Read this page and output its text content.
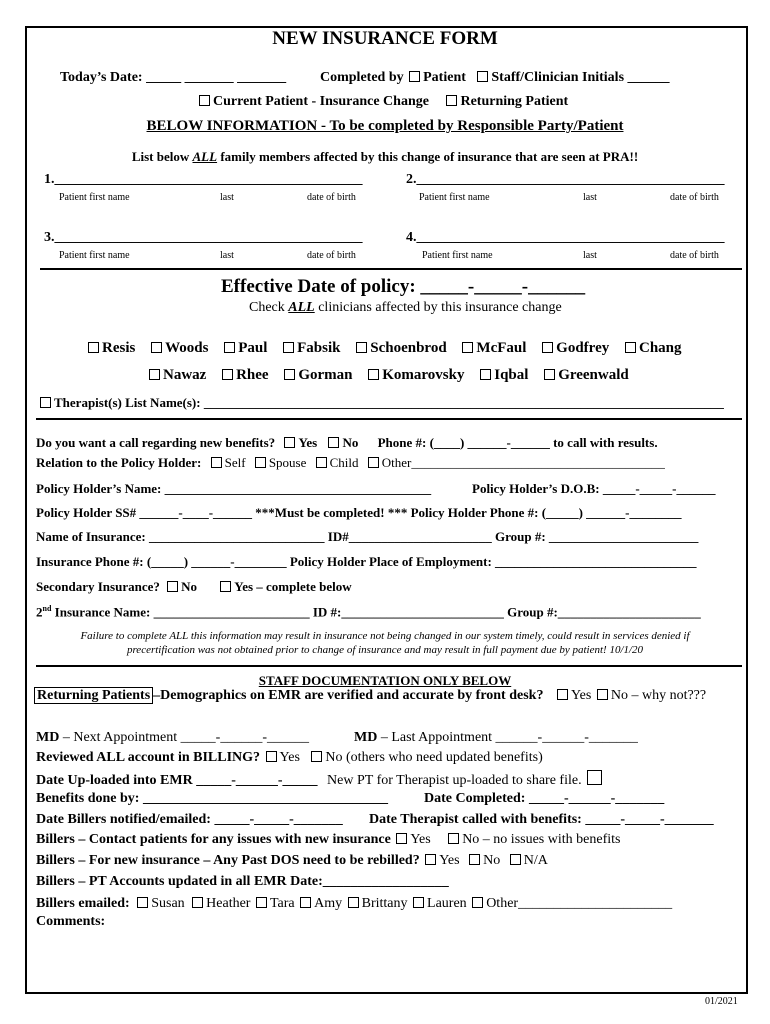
NEW INSURANCE FORM
Today’s Date: _____ _______ _______ Completed by Patient Staff/Clinician Initials ______
Current Patient - Insurance Change Returning Patient
BELOW INFORMATION - To be completed by Responsible Party/Patient
List below ALL family members affected by this change of insurance that are seen at PRA!!
1.____________________________________________	2.____________________________________________
Patient first name	last	date of birth	Patient first name	last	date of birth
3.____________________________________________	4.____________________________________________
Patient first name	last	date of birth	Patient first name	last	date of birth
Effective Date of policy: _____-_____-______
Check ALL clinicians affected by this insurance change
Resis Woods Paul Fabsik Schoenbrod McFaul Godfrey Chang
Nawaz Rhee Gorman Komarovsky Iqbal Greenwald
Therapist(s) List Name(s): ________________________________________________________________________________
Do you want a call regarding new benefits? Yes No Phone #: (____) ______-______ to call with results.
Relation to the Policy Holder: Self Spouse Child Other_______________________________________
Policy Holder’s Name: _________________________________________	Policy Holder’s D.O.B: _____-_____-______
Policy Holder SS# ______-____-______ ***Must be completed! *** Policy Holder Phone #: (_____) ______-________
Name of Insurance: ___________________________ ID#______________________ Group #: _______________________
Insurance Phone #: (_____) ______-________ Policy Holder Place of Employment: _______________________________
Secondary Insurance? No	Yes – complete below
2nd Insurance Name: ________________________ ID #:_________________________ Group #:______________________
Failure to complete ALL this information may result in insurance not being changed in our system timely, could result in services denied if
precertification was not obtained prior to change of insurance and may result in full payment due by patient! 10/1/20
STAFF DOCUMENTATION ONLY BELOW
Returning Patients –Demographics on EMR are verified and accurate by front desk? Yes No – why not???
MD – Next Appointment _____-______-______	MD – Last Appointment ______-______-_______
Reviewed ALL account in BILLING? Yes No (others who need updated benefits)
Date Up-loaded into EMR _____-______-_____ New PT for Therapist up-loaded to share file.
Benefits done by: ___________________________________	Date Completed: _____-______-_______
Date Billers notified/emailed: _____-_____-_______ Date Therapist called with benefits: _____-_____-_______
Billers – Contact patients for any issues with new insurance Yes No – no issues with benefits
Billers – For new insurance – Any Past DOS need to be rebilled? Yes No N/A
Billers – PT Accounts updated in all EMR Date:__________________
Billers emailed: Susan Heather Tara Amy Brittany Lauren Other______________________
Comments:
01/2021
